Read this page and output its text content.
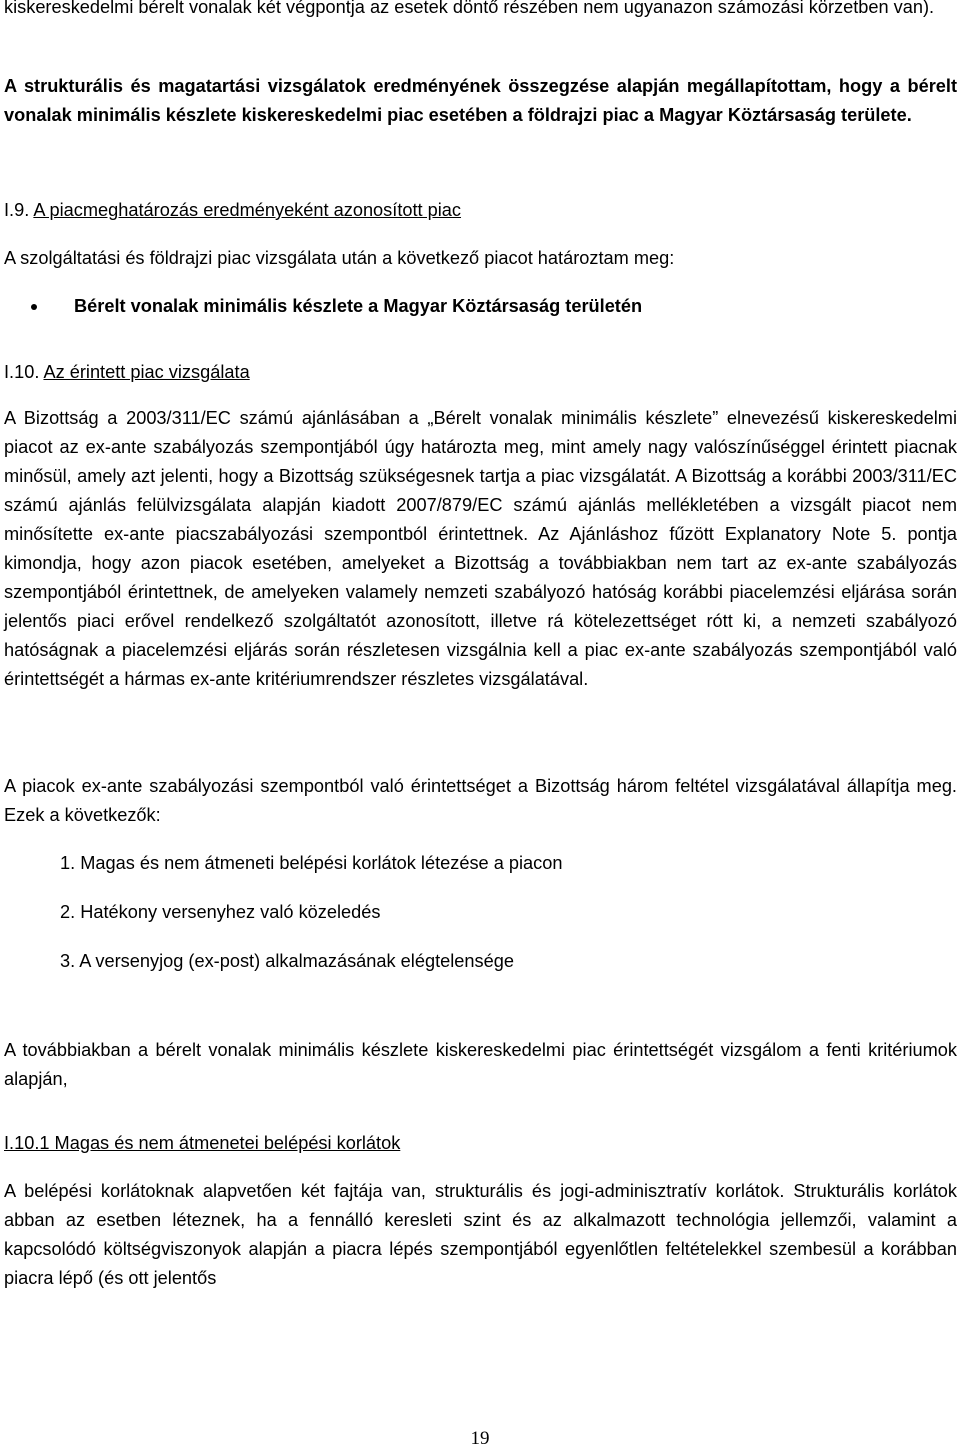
kiskereskedelmi bérelt vonalak két végpontja az esetek döntő részében nem ugyanazon számozási körzetben van).

A strukturális és magatartási vizsgálatok eredményének összegzése alapján megállapítottam, hogy a bérelt vonalak minimális készlete kiskereskedelmi piac esetében a földrajzi piac a Magyar Köztársaság területe.

I.9. A piacmeghatározás eredményeként azonosított piac

A szolgáltatási és földrajzi piac vizsgálata után a következő piacot határoztam meg:

Bérelt vonalak minimális készlete a Magyar Köztársaság területén
I.10. Az érintett piac vizsgálata

A Bizottság a 2003/311/EC számú ajánlásában a „Bérelt vonalak minimális készlete” elnevezésű kiskereskedelmi piacot az ex-ante szabályozás szempontjából úgy határozta meg, mint amely nagy valószínűséggel érintett piacnak minősül, amely azt jelenti, hogy a Bizottság szükségesnek tartja a piac vizsgálatát. A Bizottság a korábbi 2003/311/EC számú ajánlás felülvizsgálata alapján kiadott 2007/879/EC számú ajánlás mellékletében a vizsgált piacot nem minősítette ex-ante piacszabályozási szempontból érintettnek. Az Ajánláshoz fűzött Explanatory Note 5. pontja kimondja, hogy azon piacok esetében, amelyeket a Bizottság a továbbiakban nem tart az ex-ante szabályozás szempontjából érintettnek, de amelyeken valamely nemzeti szabályozó hatóság korábbi piacelemzési eljárása során jelentős piaci erővel rendelkező szolgáltatót azonosított, illetve rá kötelezettséget rótt ki, a nemzeti szabályozó hatóságnak a piacelemzési eljárás során részletesen vizsgálnia kell a piac ex-ante szabályozás szempontjából való érintettségét a hármas ex-ante kritériumrendszer részletes vizsgálatával.

A piacok ex-ante szabályozási szempontból való érintettséget a Bizottság három feltétel vizsgálatával állapítja meg. Ezek a következők:

1. Magas és nem átmeneti belépési korlátok létezése a piacon
2. Hatékony versenyhez való közeledés
3. A versenyjog (ex-post) alkalmazásának elégtelensége

A továbbiakban a bérelt vonalak minimális készlete kiskereskedelmi piac érintettségét vizsgálom a fenti kritériumok alapján,

I.10.1 Magas és nem átmenetei belépési korlátok

A belépési korlátoknak alapvetően két fajtája van, strukturális és jogi-adminisztratív korlátok. Strukturális korlátok abban az esetben léteznek, ha a fennálló keresleti szint és az alkalmazott technológia jellemzői, valamint a kapcsolódó költségviszonyok alapján a piacra lépés szempontjából egyenlőtlen feltételekkel szembesül a korábban piacra lépő (és ott jelentős

19
